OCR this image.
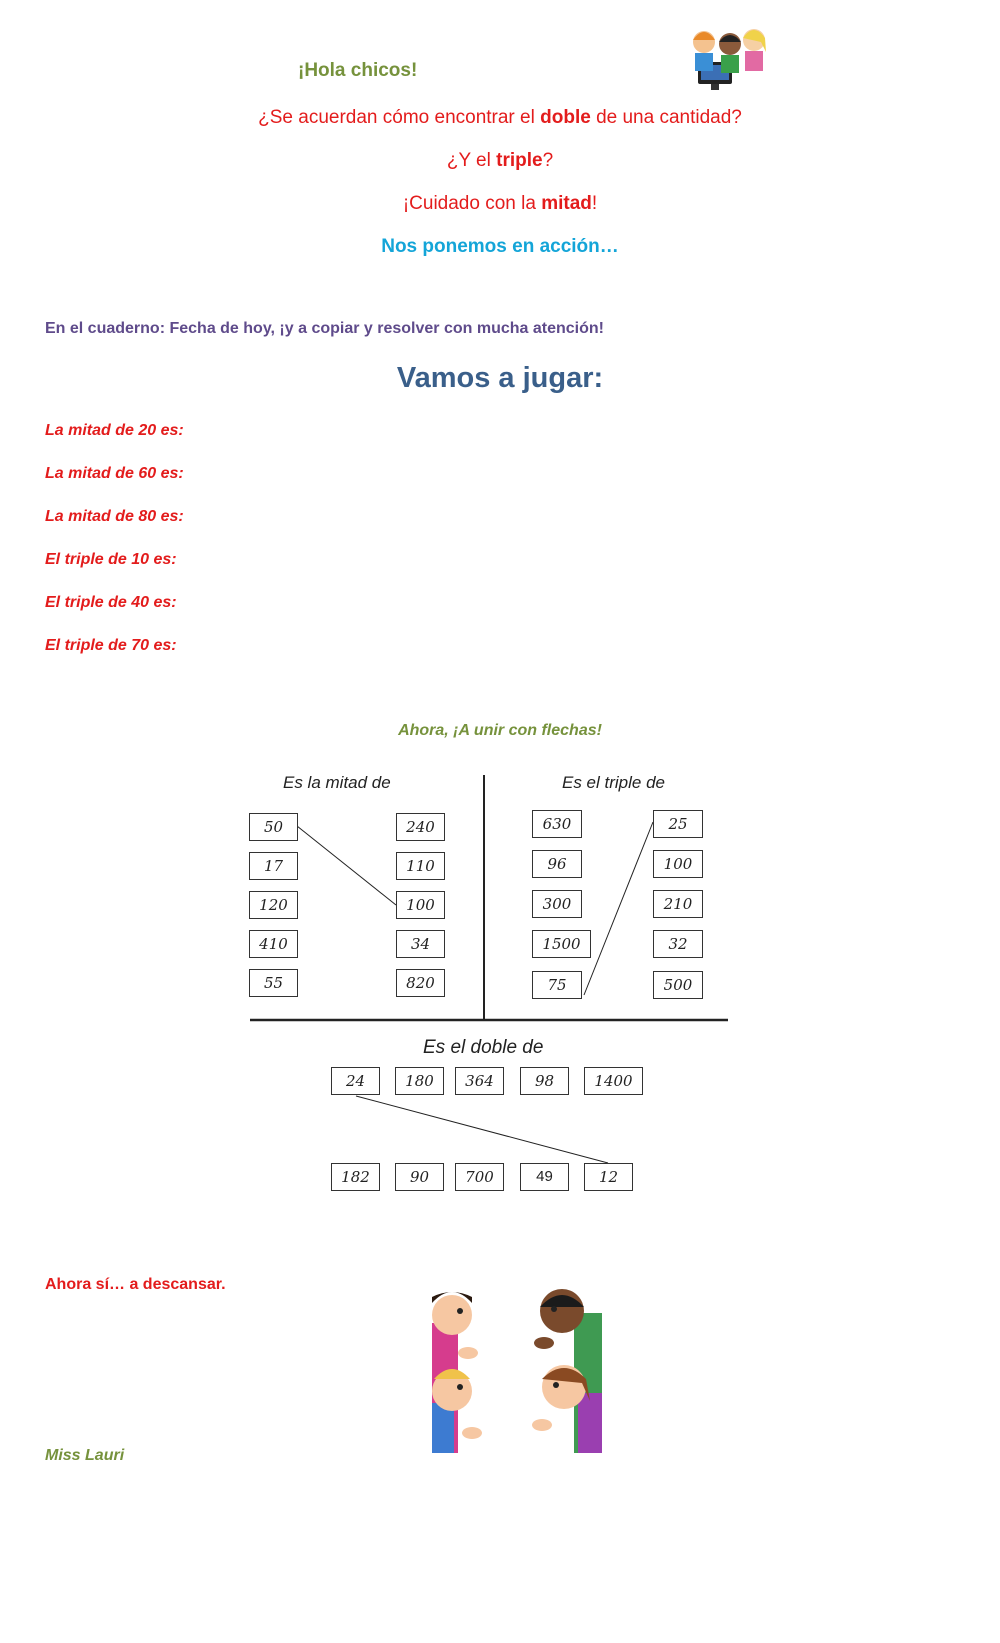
¡Hola chicos!
¿Se acuerdan cómo encontrar el doble de una cantidad?
¿Y el triple?
¡Cuidado con la mitad!
Nos ponemos en acción…
En el cuaderno: Fecha de hoy, ¡y a copiar y resolver con mucha atención!
Vamos a jugar:
La mitad de 20 es:
La mitad de 60 es:
La mitad de 80 es:
El triple de 10 es:
El triple de 40 es:
El triple de 70 es:
Ahora, ¡A unir con flechas!
Es la mitad de
50
17
120
410
55
240
110
100
34
820
Es el triple de
630
96
300
1500
75
25
100
210
32
500
Es el doble de
24	180	364	98	1400
182	90	700	49	12
Ahora sí… a descansar.
Miss Lauri
